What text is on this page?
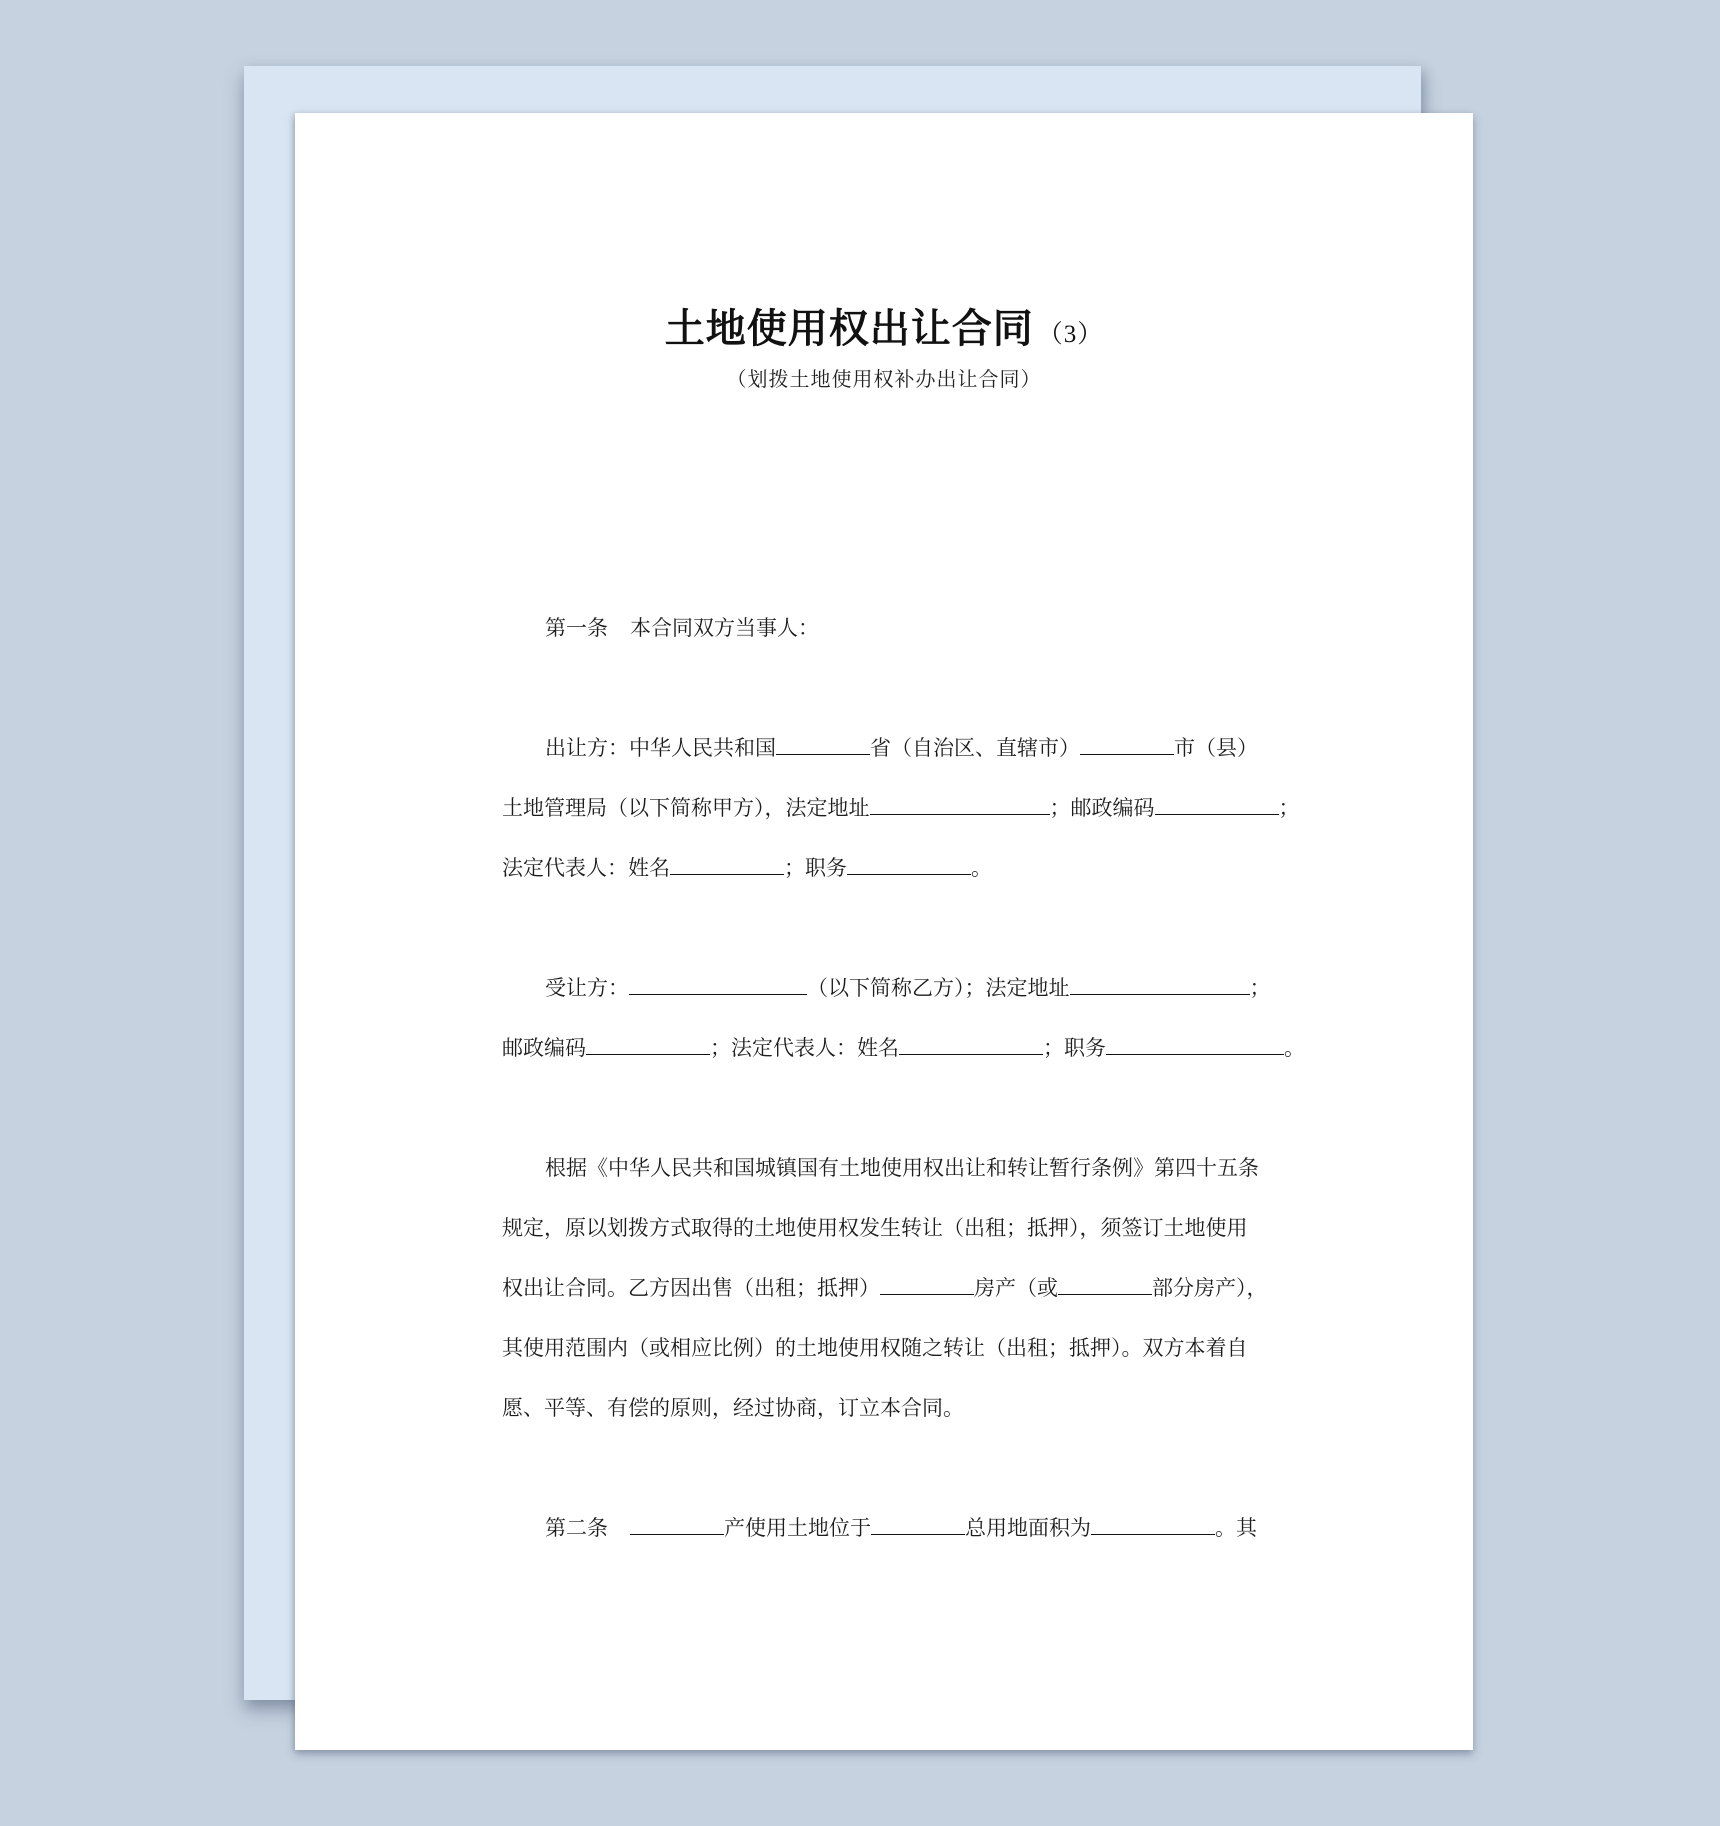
土地使用权出让合同 （3）
（划拨土地使用权补办出让合同）
第一条 本合同双方当事人：
出让方：中华人民共和国	省（自治区、直辖市）	市（县）
土地管理局（以下简称甲方），法定地址	；邮政编码	；
法定代表人：姓名	；职务	。
受让方：	（以下简称乙方）；法定地址	；
邮政编码	；法定代表人：姓名	；职务	。
根据《中华人民共和国城镇国有土地使用权出让和转让暂行条例》第四十五条
规定，原以划拨方式取得的土地使用权发生转让（出租；抵押），须签订土地使用
权出让合同。乙方因出售（出租；抵押）	房产（或	部分房产），
其使用范围内（或相应比例）的土地使用权随之转让（出租；抵押）。双方本着自
愿、平等、有偿的原则，经过协商，订立本合同。
第二条	产使用土地位于	总用地面积为	。其
